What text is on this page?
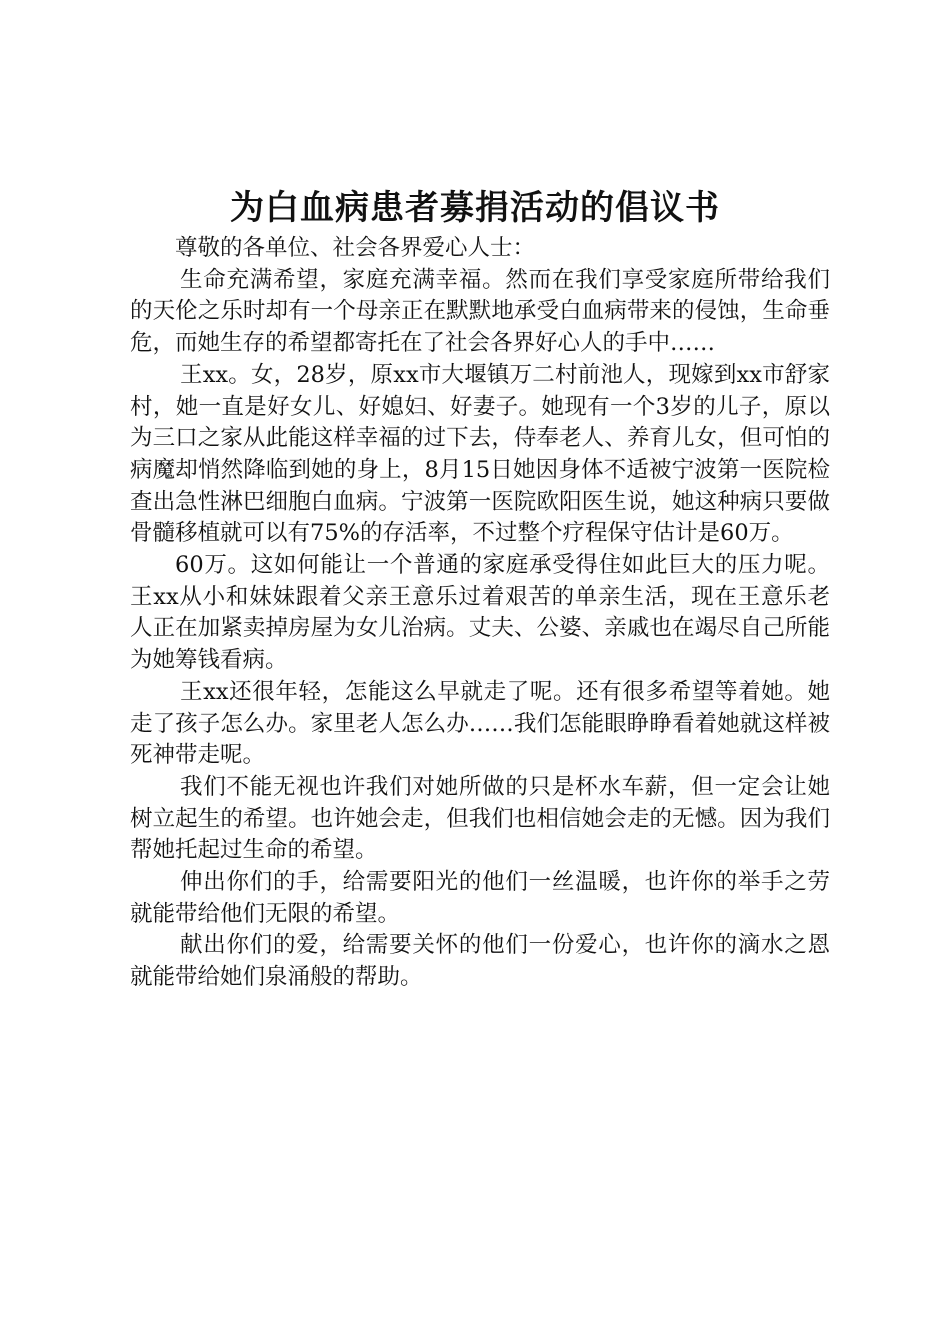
为白血病患者募捐活动的倡议书

尊敬的各单位、社会各界爱心人士：

生命充满希望，家庭充满幸福。然而在我们享受家庭所带给我们的天伦之乐时却有一个母亲正在默默地承受白血病带来的侵蚀，生命垂危，而她生存的希望都寄托在了社会各界好心人的手中……

王xx。女，28岁，原xx市大堰镇万二村前池人，现嫁到xx市舒家村，她一直是好女儿、好媳妇、好妻子。她现有一个3岁的儿子，原以为三口之家从此能这样幸福的过下去，侍奉老人、养育儿女，但可怕的病魔却悄然降临到她的身上，8月15日她因身体不适被宁波第一医院检查出急性淋巴细胞白血病。宁波第一医院欧阳医生说，她这种病只要做骨髓移植就可以有75%的存活率，不过整个疗程保守估计是60万。

60万。这如何能让一个普通的家庭承受得住如此巨大的压力呢。王xx从小和妹妹跟着父亲王意乐过着艰苦的单亲生活，现在王意乐老人正在加紧卖掉房屋为女儿治病。丈夫、公婆、亲戚也在竭尽自己所能为她筹钱看病。

王xx还很年轻，怎能这么早就走了呢。还有很多希望等着她。她走了孩子怎么办。家里老人怎么办……我们怎能眼睁睁看着她就这样被死神带走呢。

我们不能无视也许我们对她所做的只是杯水车薪，但一定会让她树立起生的希望。也许她会走，但我们也相信她会走的无憾。因为我们帮她托起过生命的希望。

伸出你们的手，给需要阳光的他们一丝温暖，也许你的举手之劳就能带给他们无限的希望。

献出你们的爱，给需要关怀的他们一份爱心，也许你的滴水之恩就能带给她们泉涌般的帮助。
